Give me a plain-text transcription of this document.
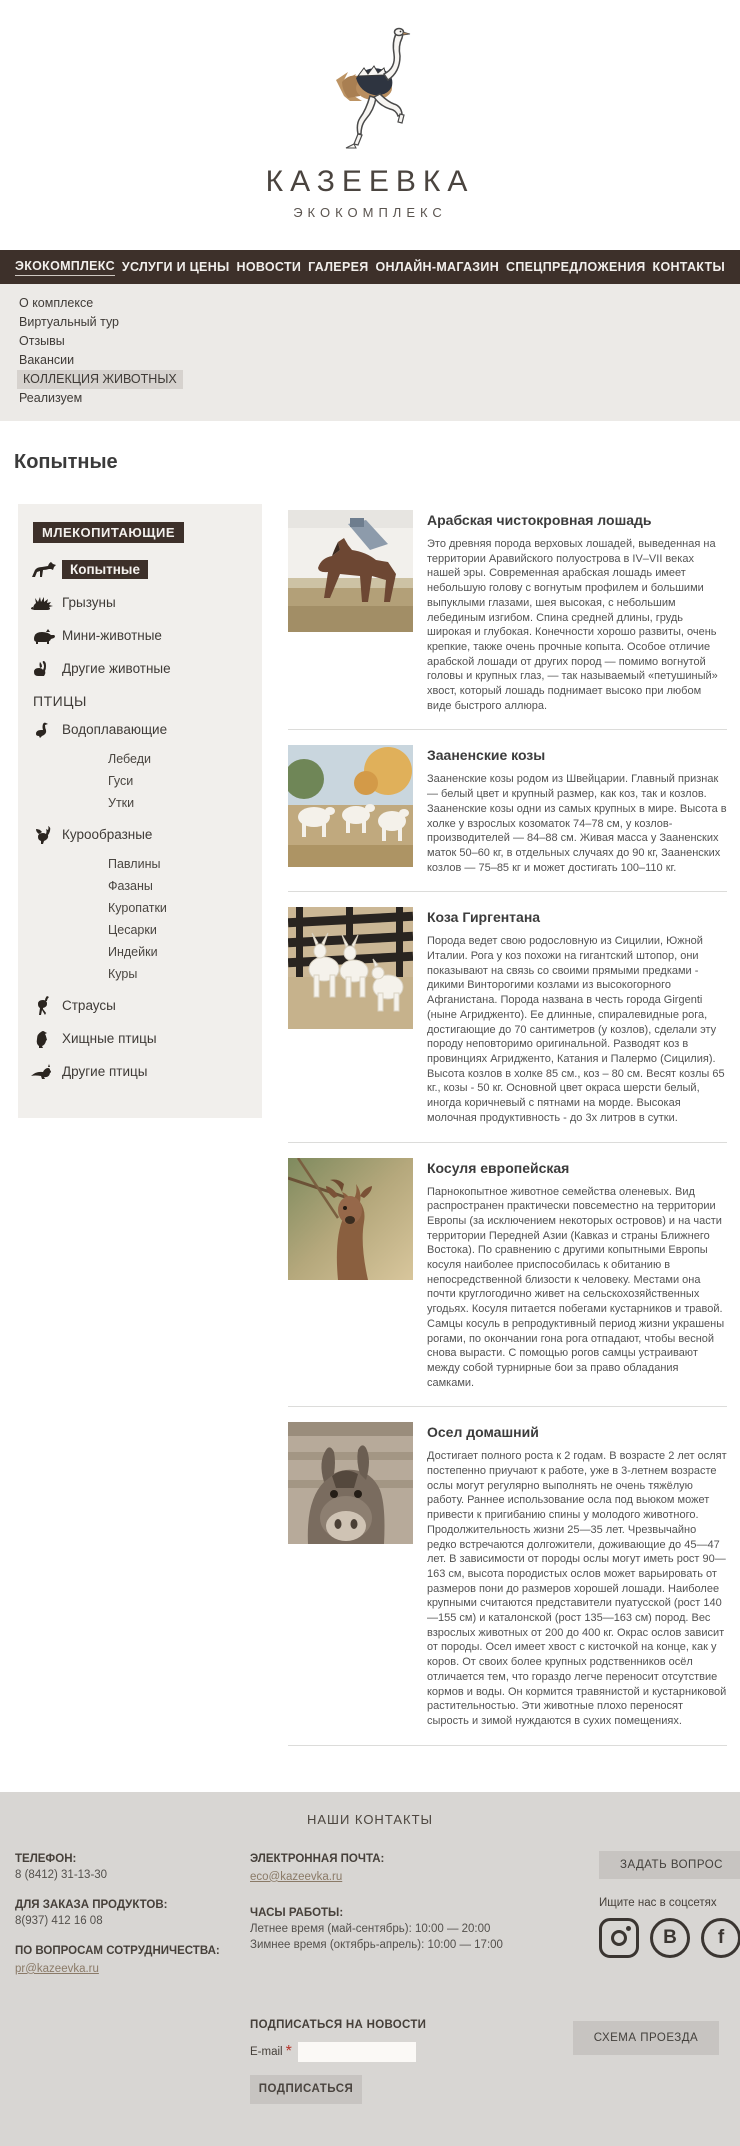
КАЗЕЕВКА
ЭКОКОМПЛЕКС
ЭКОКОМПЛЕКС УСЛУГИ И ЦЕНЫ НОВОСТИ ГАЛЕРЕЯ ОНЛАЙН-МАГАЗИН СПЕЦПРЕДЛОЖЕНИЯ КОНТАКТЫ
О комплексе
Виртуальный тур
Отзывы
Вакансии
КОЛЛЕКЦИЯ ЖИВОТНЫХ
Реализуем
Копытные
МЛЕКОПИТАЮЩИЕ
Копытные
Грызуны
Мини-животные
Другие животные
ПТИЦЫ
Водоплавающие
Лебеди
Гуси
Утки
Курообразные
Павлины
Фазаны
Куропатки
Цесарки
Индейки
Куры
Страусы
Хищные птицы
Другие птицы
Арабская чистокровная лошадь

Это древняя порода верховых лошадей, выведенная на территории Аравийского полуострова в IV–VII веках нашей эры. Современная арабская лошадь имеет небольшую голову с вогнутым профилем и большими выпуклыми глазами, шея высокая, с небольшим лебединым изгибом. Спина средней длины, грудь широкая и глубокая. Конечности хорошо развиты, очень крепкие, также очень прочные копыта. Особое отличие арабской лошади от других пород — помимо вогнутой головы и крупных глаз, — так называемый «петушиный» хвост, который лошадь поднимает высоко при любом виде быстрого аллюра.

Зааненские козы

Зааненские козы родом из Швейцарии. Главный признак — белый цвет и крупный размер, как коз, так и козлов. Зааненские козы одни из самых крупных в мире. Высота в холке у взрослых козоматок 74–78 см, у козлов-производителей — 84–88 см. Живая масса у Зааненских маток 50–60 кг, в отдельных случаях до 90 кг, Зааненских козлов — 75–85 кг и может достигать 100–110 кг.

Коза Гиргентана

Порода ведет свою родословную из Сицилии, Южной Италии. Рога у коз похожи на гигантский штопор, они показывают на связь со своими прямыми предками - дикими Винторогими козлами из высокогорного Афганистана. Порода названа в честь города Girgenti (ныне Агридженто). Ее длинные, спиралевидные рога, достигающие до 70 сантиметров (у козлов), сделали эту породу неповторимо оригинальной. Разводят коз в провинциях Агридженто, Катания и Палермо (Сицилия). Высота козлов в холке 85 см., коз – 80 см. Весят козлы 65 кг., козы - 50 кг. Основной цвет окраса шерсти белый, иногда коричневый с пятнами на морде. Высокая молочная продуктивность - до 3х литров в сутки.

Косуля европейская

Парнокопытное животное семейства оленевых. Вид распространен практически повсеместно на территории Европы (за исключением некоторых островов) и на части территории Передней Азии (Кавказ и страны Ближнего Востока). По сравнению с другими копытными Европы косуля наиболее приспособилась к обитанию в непосредственной близости к человеку. Местами она почти круглогодично живет на сельскохозяйственных угодьях. Косуля питается побегами кустарников и травой. Самцы косуль в репродуктивный период жизни украшены рогами, по окончании гона рога отпадают, чтобы весной снова вырасти. С помощью рогов самцы устраивают между собой турнирные бои за право обладания самками.

Осел домашний

Достигает полного роста к 2 годам. В возрасте 2 лет ослят постепенно приучают к работе, уже в 3-летнем возрасте ослы могут регулярно выполнять не очень тяжёлую работу. Раннее использование осла под вьюком может привести к пригибанию спины у молодого животного. Продолжительность жизни 25—35 лет. Чрезвычайно редко встречаются долгожители, доживающие до 45—47 лет. В зависимости от породы ослы могут иметь рост 90—163 см, высота породистых ослов может варьировать от размеров пони до размеров хорошей лошади. Наиболее крупными считаются представители пуатусской (рост 140—155 см) и каталонской (рост 135—163 см) пород. Вес взрослых животных от 200 до 400 кг. Окрас ослов зависит от породы. Осел имеет хвост с кисточкой на конце, как у коров. От своих более крупных родственников осёл отличается тем, что гораздо легче переносит отсутствие кормов и воды. Он кормится травянистой и кустарниковой растительностью. Эти животные плохо переносят сырость и зимой нуждаются в сухих помещениях.

НАШИ КОНТАКТЫ
ТЕЛЕФОН:
8 (8412) 31-13-30
ДЛЯ ЗАКАЗА ПРОДУКТОВ:
8(937) 412 16 08
ПО ВОПРОСАМ СОТРУДНИЧЕСТВА:
pr@kazeevka.ru
ЭЛЕКТРОННАЯ ПОЧТА:
eco@kazeevka.ru
ЧАСЫ РАБОТЫ:
Летнее время (май-сентябрь): 10:00 — 20:00
Зимнее время (октябрь-апрель): 10:00 — 17:00
ЗАДАТЬ ВОПРОС
Ищите нас в соцсетях
В f
ПОДПИСАТЬСЯ НА НОВОСТИ
E-mail *
ПОДПИСАТЬСЯ
СХЕМА ПРОЕЗДА
